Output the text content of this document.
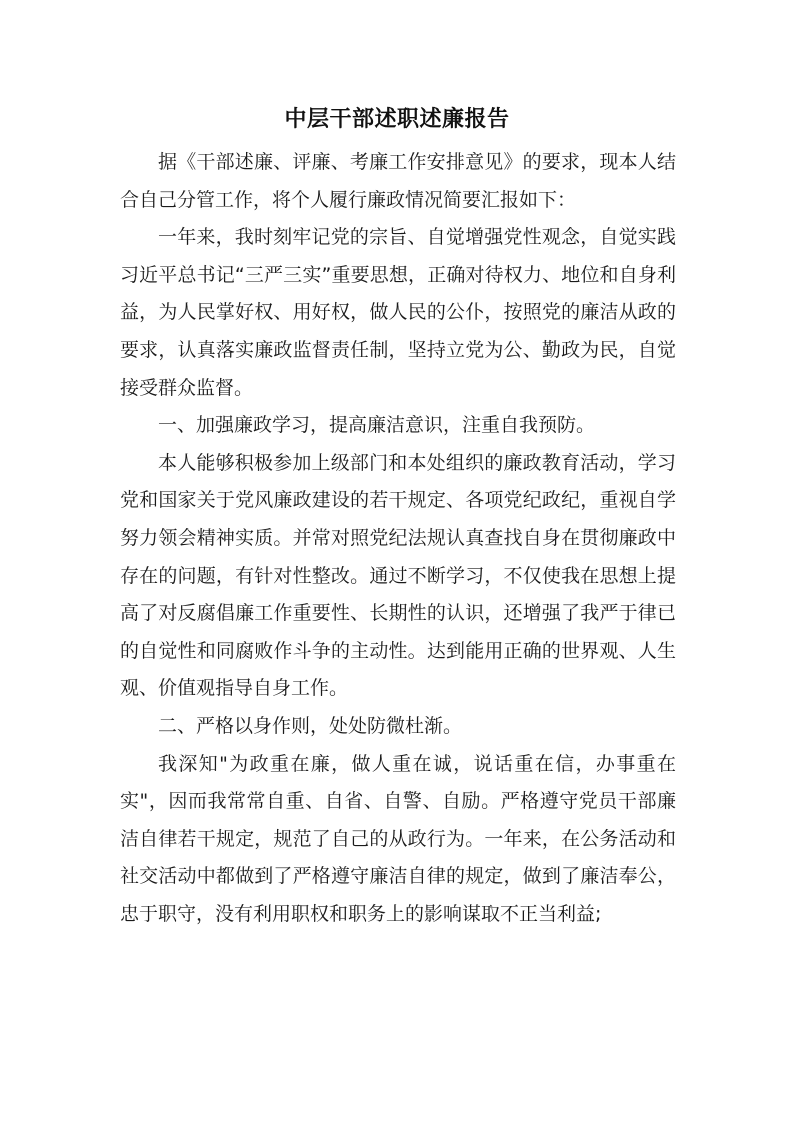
中层干部述职述廉报告

据《干部述廉、评廉、考廉工作安排意见》的要求，现本人结合自己分管工作，将个人履行廉政情况简要汇报如下：

一年来，我时刻牢记党的宗旨、自觉增强党性观念，自觉实践习近平总书记“三严三实”重要思想，正确对待权力、地位和自身利益，为人民掌好权、用好权，做人民的公仆，按照党的廉洁从政的要求，认真落实廉政监督责任制，坚持立党为公、勤政为民，自觉接受群众监督。

一、加强廉政学习，提高廉洁意识，注重自我预防。

本人能够积极参加上级部门和本处组织的廉政教育活动，学习党和国家关于党风廉政建设的若干规定、各项党纪政纪，重视自学努力领会精神实质。并常对照党纪法规认真查找自身在贯彻廉政中存在的问题，有针对性整改。通过不断学习，不仅使我在思想上提高了对反腐倡廉工作重要性、长期性的认识，还增强了我严于律已的自觉性和同腐败作斗争的主动性。达到能用正确的世界观、人生观、价值观指导自身工作。

二、严格以身作则，处处防微杜渐。

我深知"为政重在廉，做人重在诚，说话重在信，办事重在实"，因而我常常自重、自省、自警、自励。严格遵守党员干部廉洁自律若干规定，规范了自己的从政行为。一年来，在公务活动和社交活动中都做到了严格遵守廉洁自律的规定，做到了廉洁奉公，忠于职守，没有利用职权和职务上的影响谋取不正当利益;
